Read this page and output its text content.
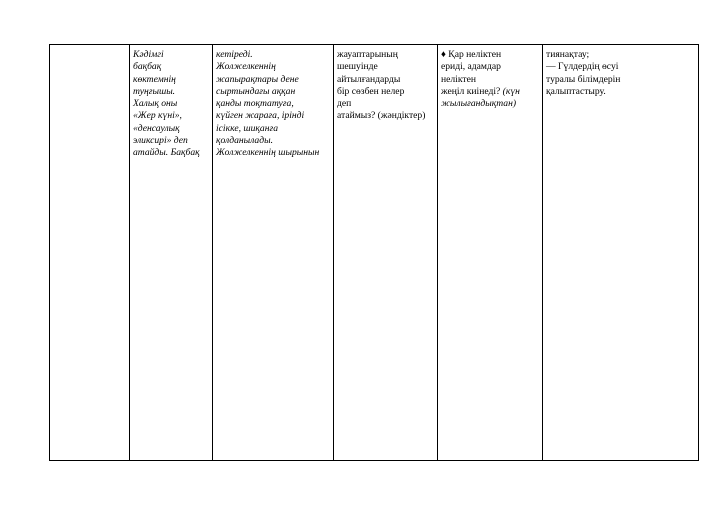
Кәдімгі
бақбақ
көктемнің
туңғышы.
Халық оны
«Жер күні»,
«денсаулық
эликсирі» деп
атайды. Бақбақ
кетіреді.
Жолжелкеннің
жапырақтары дене
сыртындағы аққан
қанды тоқтатуға,
күйген жараға, ірінді
ісікке, шиқанға
қолданылады.
Жолжелкеннің шырынын
жауаптарының
шешуінде
айтылғандарды
бір сөзбен нелер
деп
атаймыз? (жәндіктер)
♦ Қар неліктен
ериді, адамдар
неліктен
жеңіл киінеді? (күн
жылығандықтан)
тиянақтау;
— Гүлдердің өсуі
туралы білімдерін
қалыптастыру.
